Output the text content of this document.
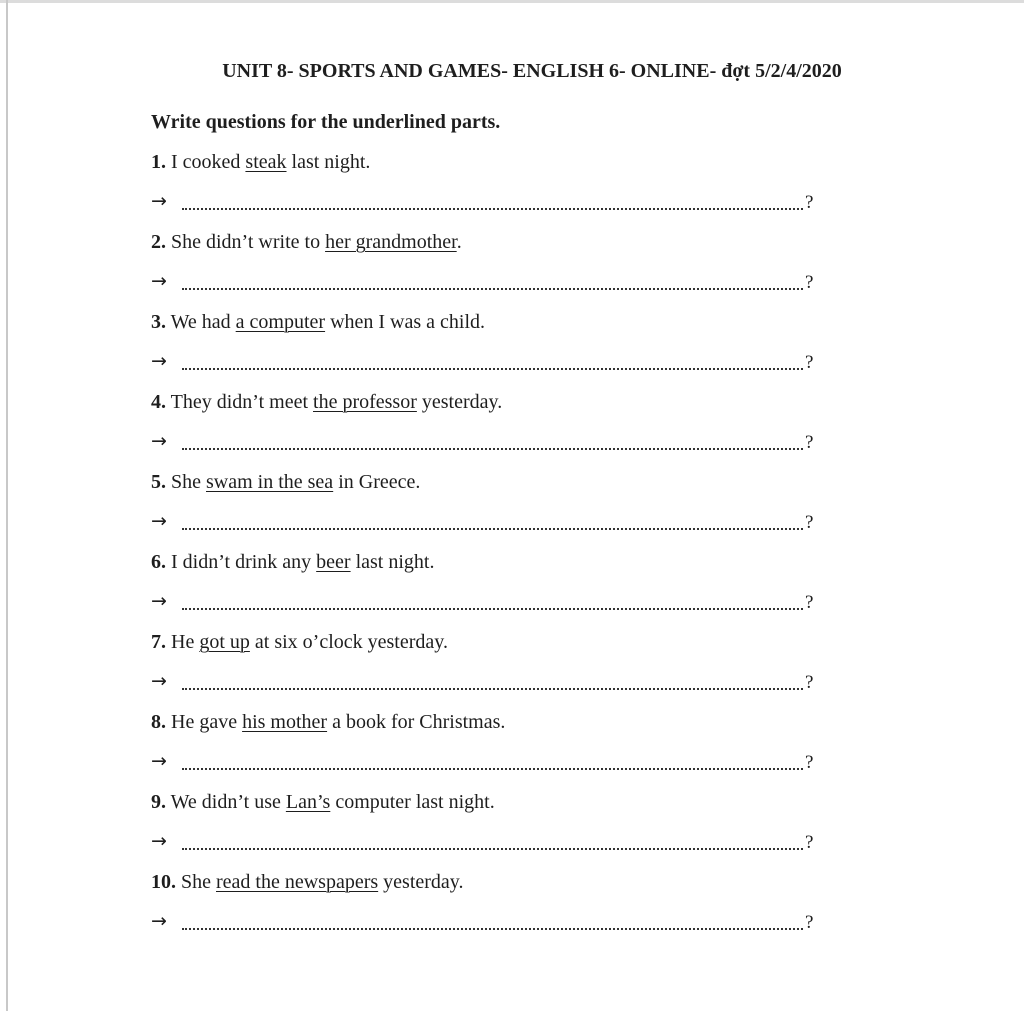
UNIT 8- SPORTS AND GAMES- ENGLISH 6- ONLINE- đợt 5/2/4/2020
Write questions for the underlined parts.
1. I cooked steak last night.
→	?
2. She didn’t write to her grandmother.
→	?
3. We had a computer when I was a child.
→	?
4. They didn’t meet the professor yesterday.
→	?
5. She swam in the sea in Greece.
→	?
6. I didn’t drink any beer last night.
→	?
7. He got up at six o’clock yesterday.
→	?
8. He gave his mother a book for Christmas.
→	?
9. We didn’t use Lan’s computer last night.
→	?
10. She read the newspapers yesterday.
→	?
